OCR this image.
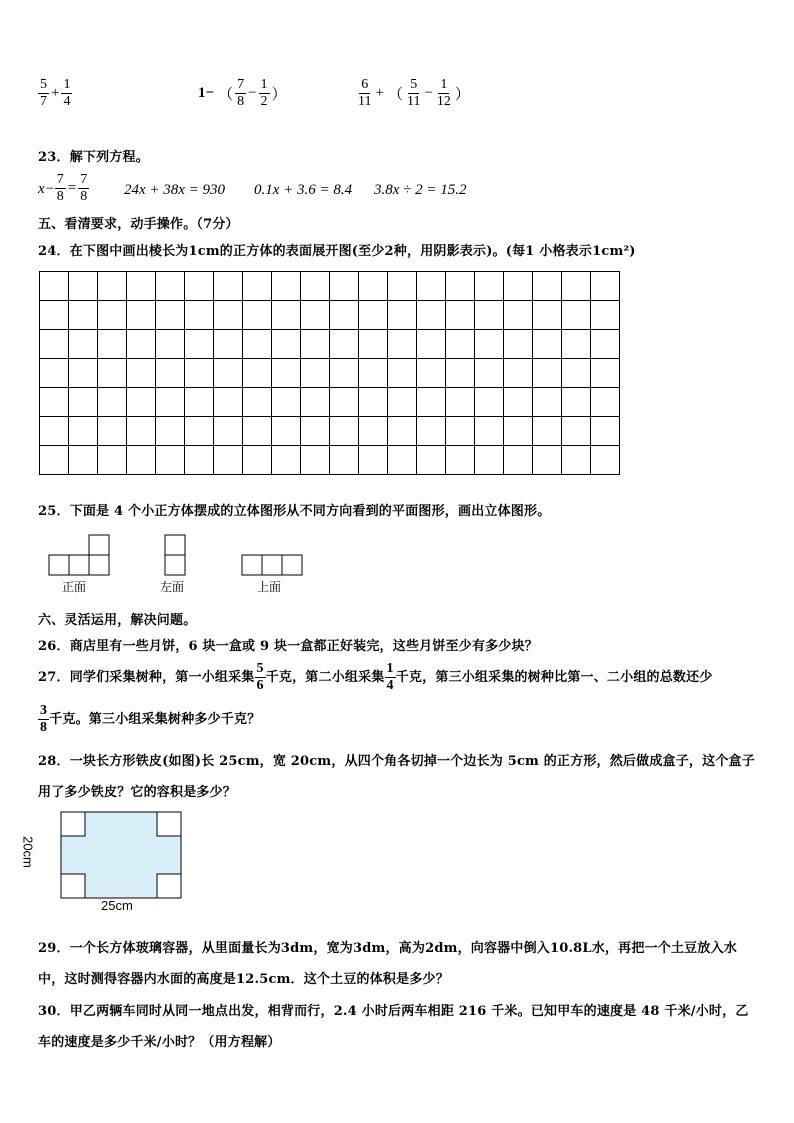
$\frac{5}{7} + \frac{1}{4}$	1− （ $\frac{7}{8} - \frac{1}{2}$ ）	$\frac{6}{11}$ + （ $\frac{5}{11} - \frac{1}{12}$ ）
23．解下列方程。
$x- \frac{7}{8} = \frac{7}{8} 24x + 38x = 930$ 0.1x + 3.6 = 8.4 3.8x ÷ 2 = 15.2
五、看清要求，动手操作。（7分）
24．在下图中画出棱长为1cm的正方体的表面展开图(至少2种，用阴影表示)。(每1 小格表示1cm²)

25．下面是 4 个小正方体摆成的立体图形从不同方向看到的平面图形，画出立体图形。
正面	左面	上面
六、灵活运用，解决问题。
26．商店里有一些月饼，6 块一盒或 9 块一盒都正好装完，这些月饼至少有多少块？
27．同学们采集树种，第一小组采集 $\frac{5}{6}$ 千克，第二小组采集 $\frac{1}{4}$ 千克，第三小组采集的树种比第一、二小组的总数还少
$\frac{3}{8}$ 千克。第三小组采集树种多少千克？
28．一块长方形铁皮(如图)长 25cm，宽 20cm，从四个角各切掉一个边长为 5cm 的正方形，然后做成盒子，这个盒子
用了多少铁皮？它的容积是多少？
20cm
25cm
29．一个长方体玻璃容器，从里面量长为3dm，宽为3dm，高为2dm，向容器中倒入10.8L水，再把一个土豆放入水
中，这时测得容器内水面的高度是12.5cm．这个土豆的体积是多少？
30．甲乙两辆车同时从同一地点出发，相背而行，2.4 小时后两车相距 216 千米。已知甲车的速度是 48 千米/小时，乙
车的速度是多少千米/小时？（用方程解）
